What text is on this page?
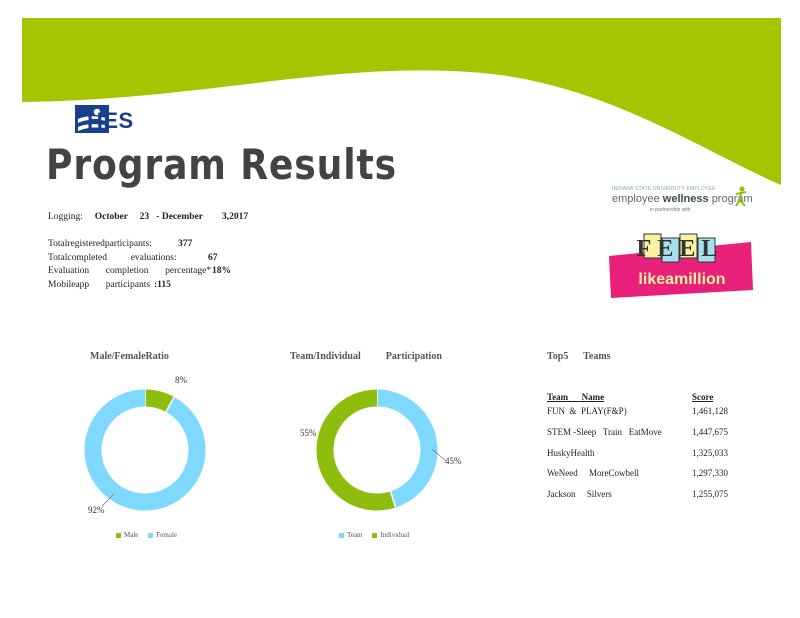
HES
Program Results
Logging: October     23 - December 3,2017
Totalregisteredparticipants:	377
Totalcompleted          evaluations:	67
Evaluation       completion       percentage* 18%
Mobileapp       participants :115
INDIANA STATE UNIVERSITY EMPLOYEE
employee wellness program
in partnership with
FEEL
likeamillion
Male/FemaleRatio
8%
92%
Male	Female
Team/Individual          Participation
45%
55%
Team	Individual
Top5      Teams
Team      Name	Score
FUN  &  PLAY(F&P)	1,461,128
STEM -Sleep   Train   EatMove	1,447,675
HuskyHealth	1,325,033
WeNeed     MoreCowbell	1,297,330
Jackson     Silvers	1,255,075
